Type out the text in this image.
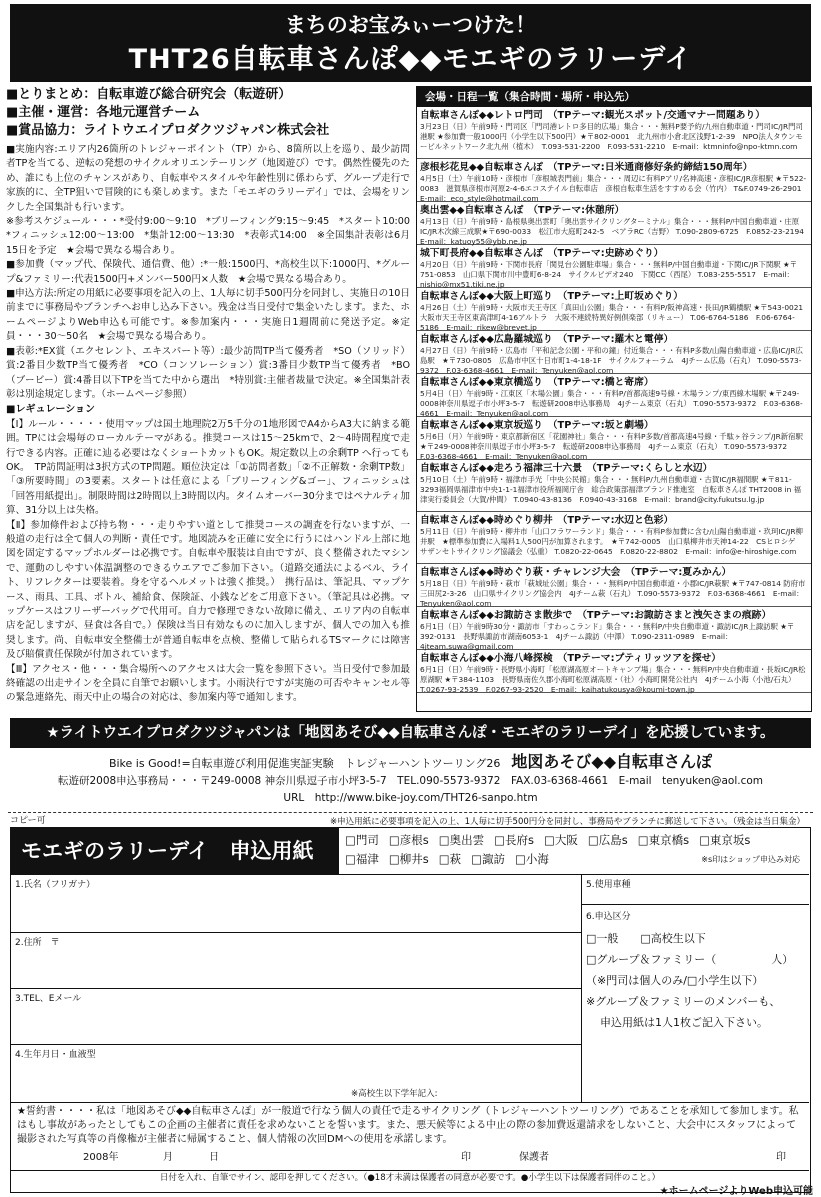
まちのお宝みぃーつけた！
THT26自転車さんぽ◆◆モエギのラリーデイ
■とりまとめ：自転車遊び総合研究会（転遊研）
■主催・運営：各地元運営チーム
■賞品協力：ライトウエイプロダクツジャパン株式会社

■実施内容:エリア内26箇所のトレジャーポイント（TP）から、8箇所以上を巡り、最少訪問者TPを当てる、逆転の発想のサイクルオリエンテーリング（地図遊び）です。偶然性優先のため、誰にも上位のチャンスがあり、自転車やスタイルや年齢性別に係わらず、グループ走行で家族的に、全TP狙いで冒険的にも楽しめます。また「モエギのラリーデイ」では、会場をリンクした全国集計も行います。

※参考スケジュール・・・*受付9:00〜9:10　*ブリーフィング9:15〜9:45　*スタート10:00　*フィニッシュ12:00〜13:00　*集計12:00〜13:30　*表彰式14:00　※全国集計表彰は6月15日を予定　★会場で異なる場合あり。

■参加費（マップ代、保険代、通信費、他）:*一般:1500円、*高校生以下:1000円、*グループ&ファミリー:代表1500円+メンバー500円×人数　★会場で異なる場合あり。

■申込方法:所定の用紙に必要事項を記入の上、1人毎に切手500円分を同封し、実施日の10日前までに事務局やブランチへお申し込み下さい。残金は当日受付で集金いたします。また、ホームページよりWeb申込も可能です。※参加案内・・・実施日1週間前に発送予定。※定員・・・30〜50名　★会場で異なる場合あり。

■表彰:*EX賞（エクセレント、エキスパート等）:最少訪問TP当て優秀者　*SO（ソリッド）賞:2番目少数TP当て優秀者　*CO（コンソレーション）賞:3番目少数TP当て優秀者　*BO（ブービー）賞:4番目以下TPを当てた中から選出　*特別賞:主催者裁量で決定。※全国集計表彰は別途規定します。（ホームページ参照）

■レギュレーション

【Ⅰ】ルール・・・・・使用マップは国土地理院2万5千分の1地形図でA4からA3大に納まる範囲。TPには会場毎のローカルテーマがある。推奨コースは15〜25kmで、2〜4時間程度で走行できる内容。正確に辿る必要はなくショートカットもOK。規定数以上の余剰TP へ行ってもOK。　TP訪問証明は3択方式のTP問題。順位決定は「①訪問者数」「②不正解数・余剰TP数」「③所要時間」の3要素。スタートは任意による「ブリーフィング&ゴー」、フィニッシュは「回答用紙提出」。制限時間は2時間以上3時間以内。タイムオーバー30分まではペナルティ加算、31分以上は失格。

【Ⅱ】参加條件および持ち物・・・走りやすい道として推奨コースの調査を行ないますが、一般道の走行は全て個人の判断・責任です。地図読みを正確に安全に行うにはハンドル上部に地図を固定するマップホルダーは必携です。自転車や服装は自由ですが、良く整備されたマシンで、運動のしやすい体温調整のできるウエアでご参加下さい。（道路交通法によるベル、ライト、リフレクターは要装着。身を守るヘルメットは強く推奨。）　携行品は、筆記具、マップケース、雨具、工具、ボトル、補給食、保険証、小銭などをご用意下さい。（筆記具は必携。マップケースはフリーザーバッグで代用可。自力で修理できない故障に備え、エリア内の自転車店を記しますが、昼食は各自で。）保険は当日有効なものに加入しますが、個人での加入も推奨します。尚、自転車安全整備士が普通自転車を点検、整備して貼られるTSマークには障害及び賠償責任保険が付加されています。

【Ⅲ】アクセス・他・・・集合場所へのアクセスは大会一覧を参照下さい。当日受付で参加最終確認の出走サインを全員に自筆でお願いします。小雨決行ですが実施の可否やキャンセル等の緊急連絡先、雨天中止の場合の対応は、参加案内等で通知します。

会場・日程一覧（集合時間・場所・申込先）
自転車さんぽ◆◆レトロ門司　（TPテーマ:観光スポット/交通マナー問題あり）
3月23日（日）午前9時・門司区「門司港レトロ多目的広場」集合・・・無料P要予約/九州自動車道・門司IC/JR門司港駅 ★参加費一般1000円（小学生以下500円）★〒802-0001　北九州市小倉北区浅野1-2-39　NPO法人タウンモービルネットワーク北九州（植木）　T.093-531-2200　F.093-531-2210　E-mail：ktmninfo@npo-ktmn.com
彦根杉花見◆◆自転車さんぽ　（TPテーマ:日米通商修好条約締結150周年）
4月5日（土）午前10時・彦根市「彦根城表門前」集合・・・周辺に有料Pアリ/名神高速・彦根IC/JR彦根駅 ★〒522-0083　滋賀県彦根市河原2-4-6エコステイル自転車店　彦根自転車生活をすすめる会（竹内） T&F.0749-26-2901　E-mail：eco_style@hotmail.com
奥出雲◆◆自転車さんぽ　（TPテーマ:休憩所）
4月13日（日）午前9時・島根県奥出雲町「奥出雲サイクリングターミナル」集合・・・無料P/中国自動車道・庄原IC/JR木次線三成駅★〒690-0033　松江市大庭町242-5　ベアラRC（吉野） T.090-2809-6725　F.0852-23-2194　E-mail：katuoy55@ybb.ne.jp
城下町長府◆◆自転車さんぽ　（TPテーマ:史跡めぐり）
4月20日（日）午前9時・下関市長府「関見台公園駐車場」集合・・・無料P/中国自動車道・下関IC/JR下関駅 ★〒751-0853　山口県下関市川中豊町6-8-24　サイクルビデオ240　下関CC（西尾） T.083-255-5517　E-mail：nishio@mx51.tiki.ne.jp
自転車さんぽ◆◆大阪上町巡り　（TPテーマ:上町坂めぐり）
4月26日（土）午前9時・大阪市天王寺区「真田山公園」集合・・・有料P/阪神高速・長田/JR鶴橋駅 ★〒543-0021　大阪市天王寺区東高津町4-16アルトラ　大阪不連続特異好例倶楽部（リキュー） T.06-6764-5186　F.06-6764-5186　E-mail：rikew@brevet.jp
自転車さんぽ◆◆広島羅城巡り　（TPテーマ:羅木と電停）
4月27日（日）午前9時・広島市「平和記念公園・平和の鐘」付近集合・・・有料P多数/山陽自動車道・広島IC/JR広島駅　★〒730-0805　広島市中区十日市町1-4-18-1F　サイクルフォーラム　4Jチーム広島（石丸） T.090-5573-9372　F.03-6368-4661　E-mail：Tenyuken@aol.com
自転車さんぽ◆◆東京橋巡り　（TPテーマ:橋と寄席）
5月4日（日）午前9時・江東区「木場公園」集合・・・有料P/首都高速9号線・木場ランプ/東西線木場駅 ★〒249-0008神奈川県逗子市小坪3-5-7　転遊研2008申込事務局　4Jチーム東京（石丸） T.090-5573-9372　F.03-6368-4661　E-mail：Tenyuken@aol.com
自転車さんぽ◆◆東京坂巡り　（TPテーマ:坂と劇場）
5月6日（月）午前9時・東京都新宿区「花園神社」集合・・・有料P多数/首都高速4号線・千駄ヶ谷ランプ/JR新宿駅 ★〒249-0008神奈川県逗子市小坪3-5-7　転遊研2008申込事務局　4Jチーム東京（石丸） T.090-5573-9372　F.03-6368-4661　E-mail：Tenyuken@aol.com
自転車さんぽ◆◆走ろう福津三十六景　（TPテーマ:くらしと水辺）
5月10日（土）午前9時・福津市手光「中央公民館」集合・・・無料P/九州自動車道・古賀IC/JR福間駅 ★〒811-3293福岡県福津市中央1-1-1福津市役所福岡庁舎　総合政策部福津ブランド推進室　自転車さんぽ THT2008 in 福津実行委員会（大賀/仲間） T.0940-43-8136　F.0940-43-3168　E-mail：brand@city.fukutsu.lg.jp
自転車さんぽ◆◆時めぐり柳井　（TPテーマ:水辺と色彩）
5月11日（日）午前9時・柳井市「山口フラワーランド」集合・・・有料P参加費に含む/山陽自動車道・玖珂IC/JR柳井駅　★標準参加費に入場料1人500円が加算されます。　★〒742-0005　山口県柳井市天神14-22　CSヒロシゲ　サザンセトサイクリング協議会（弘重） T.0820-22-0645　F.0820-22-8802　E-mail：info@e-hiroshige.com
自転車さんぽ◆◆時めぐり萩・チャレンジ大会　（TPテーマ:夏みかん）
5月18日（日）午前9時・萩市「萩城址公園」集合・・・無料P/中国自動車道・小郡IC/JR萩駅 ★〒747-0814 防府市三田尻2-3-26　山口県サイクリング協会内　4Jチーム萩（石丸） T.090-5573-9372　F.03-6368-4661　E-mail：Tenyuken@aol.com
自転車さんぽ◆◆お諏訪さま散歩で　（TPテーマ:お諏訪さまと洩矢さまの痕跡）
6月1日（日）午前9時30分・諏訪市「すわっこランド」集合・・・無料P/中央自動車道・諏訪IC/JR上諏訪駅 ★〒392-0131　長野県諏訪市湖南6053-1　4Jチーム諏訪（中澤） T.090-2311-0989　E-mail：4jteam.suwa@gmail.com
自転車さんぽ◆◆小海八峰探検　（TPテーマ:プティリッツアを探せ）
6月1日（日）午前9時・長野県小海町「松原湖高原オートキャンプ場」集合・・・無料P/中央自動車道・長坂IC/JR松原湖駅 ★〒384-1103　長野県南佐久郡小海町松原湖高原・（社）小海町開発公社内　4Jチーム小海（小池/石丸） T.0267-93-2539　F.0267-93-2520　E-mail：kaihatukousya@koumi-town.jp
★ライトウエイプロダクツジャパンは「地図あそび◆◆自転車さんぽ・モエギのラリーデイ」を応援しています。
Bike is Good!=自転車遊び利用促進実証実験　トレジャーハントツーリング26　 地図あそび◆◆自転車さんぽ
転遊研2008申込事務局・・・〒249-0008 神奈川県逗子市小坪3-5-7　TEL.090-5573-9372　FAX.03-6368-4661　E-mail　tenyuken@aol.com
URL　http://www.bike-joy.com/THT26-sanpo.htm
コピー可	※申込用紙に必要事項を記入の上、1人毎に切手500円分を同封し、事務局やブランチに郵送して下さい。（残金は当日集金）
モエギのラリーデイ　申込用紙	□門司 □彦根s □奥出雲 □長府s □大阪 □広島s □東京橋s □東京坂s
※s印はショップ申込み対応
□福津 □柳井s □萩 □諏訪 □小海
1.氏名（フリガナ）
2.住所　〒
3.TEL、Eメール
4.生年月日・血液型
※高校生以下学年記入:
5.使用車種
6.申込区分
□一般　　 □高校生以下
□グループ＆ファミリー（　　　　　人）
（※門司は個人のみ/□小学生以下）
※グループ＆ファミリーのメンバーも、
申込用紙は1人1枚ご記入下さい。
★誓約書・・・・私は「地図あそび◆◆自転車さんぽ」が一般道で行なう個人の責任で走るサイクリング（トレジャーハントツーリング）であることを承知して参加します。私はもし事故があったとしてもこの企画の主催者に責任を求めないことを誓います。また、悪天候等による中止の際の参加費返還請求をしないこと、大会中にスタッフによって撮影された写真等の肖像権が主催者に帰属すること、個人情報の次回DMへの使用を承諾します。
2008年	月	日	印	保護者	印
日付を入れ、自筆でサイン、認印を押してください。（●18才未満は保護者の同意が必要です。●小学生以下は保護者同伴のこと。）
★ホームページよりWeb申込可能
